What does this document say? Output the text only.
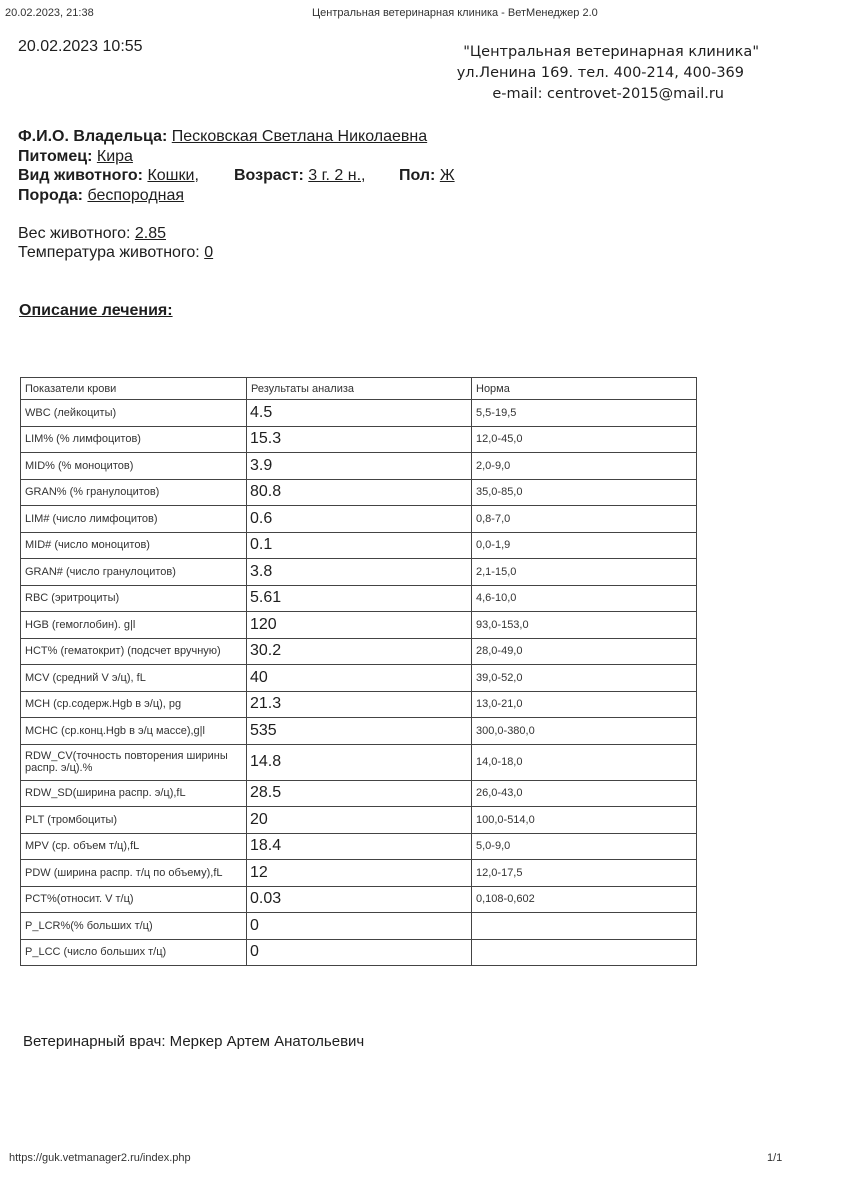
20.02.2023, 21:38	Центральная ветеринарная клиника - ВетМенеджер 2.0
20.02.2023 10:55	"Центральная ветеринарная клиника"
ул.Ленина 169. тел. 400-214, 400-369
e-mail: centrovet-2015@mail.ru
Ф.И.О. Владельца: Песковская Светлана Николаевна
Питомец: Кира
Вид животного: Кошки, Возраст: 3 г. 2 н., Пол: Ж
Порода: беспородная
Вес животного: 2.85
Температура животного: 0
Описание лечения:
Показатели крови	Результаты анализа	Норма
WBC (лейкоциты)	4.5	5,5-19,5
LIM% (% лимфоцитов)	15.3	12,0-45,0
MID% (% моноцитов)	3.9	2,0-9,0
GRAN% (% гранулоцитов)	80.8	35,0-85,0
LIM# (число лимфоцитов)	0.6	0,8-7,0
MID# (число моноцитов)	0.1	0,0-1,9
GRAN# (число гранулоцитов)	3.8	2,1-15,0
RBC (эритроциты)	5.61	4,6-10,0
HGB (гемоглобин). g|l	120	93,0-153,0
HCT% (гематокрит) (подсчет вручную)	30.2	28,0-49,0
MCV (средний V э/ц), fL	40	39,0-52,0
MCH (ср.содерж.Hgb в э/ц), pg	21.3	13,0-21,0
MCHC (ср.конц.Hgb в э/ц массе),g|l	535	300,0-380,0
RDW_CV(точность повторения ширины распр. э/ц).%	14.8	14,0-18,0
RDW_SD(ширина распр. э/ц),fL	28.5	26,0-43,0
PLT (тромбоциты)	20	100,0-514,0
MPV (ср. объем т/ц),fL	18.4	5,0-9,0
PDW (ширина распр. т/ц по объему),fL	12	12,0-17,5
PCT%(относит. V т/ц)	0.03	0,108-0,602
P_LCR%(% больших т/ц)	0	
P_LCC (число больших т/ц)	0	
Ветеринарный врач: Меркер Артем Анатольевич
https://guk.vetmanager2.ru/index.php	1/1
